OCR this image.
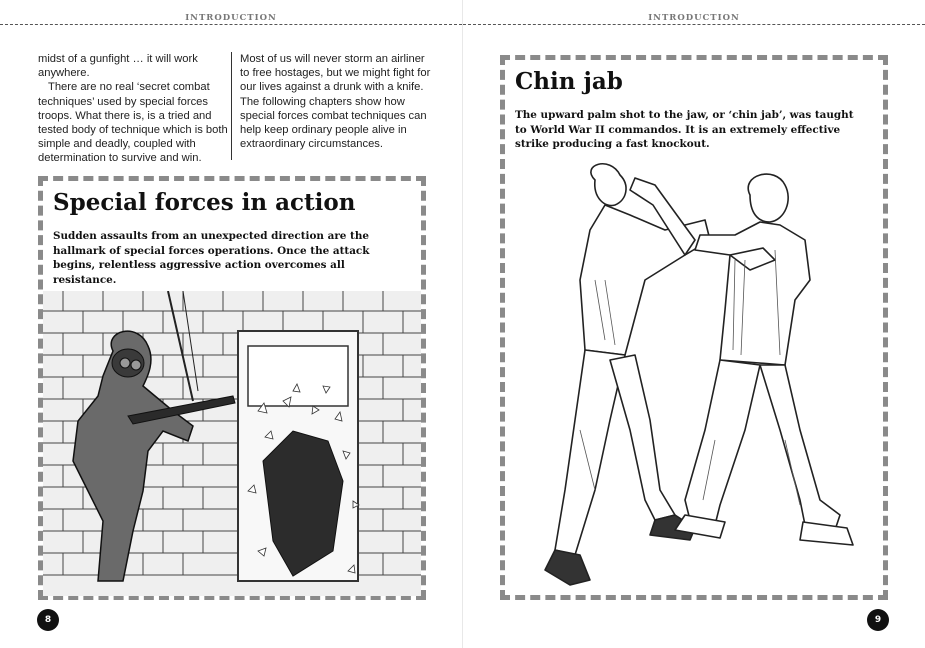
INTRODUCTION

midst of a gunfight … it will work anywhere.

There are no real ‘secret combat techniques’ used by special forces troops. What there is, is a tried and tested body of technique which is both simple and deadly, coupled with determination to survive and win.

Most of us will never storm an airliner to free hostages, but we might fight for our lives against a drunk with a knife. The following chapters show how special forces combat techniques can help keep ordinary people alive in extraordinary circumstances.

Special forces in action
Sudden assaults from an unexpected direction are the hallmark of special forces operations. Once the attack begins, relentless aggressive action overcomes all resistance.
8
INTRODUCTION
Chin jab
The upward palm shot to the jaw, or ‘chin jab’, was taught to World War II commandos. It is an extremely effective strike producing a fast knockout.
9
